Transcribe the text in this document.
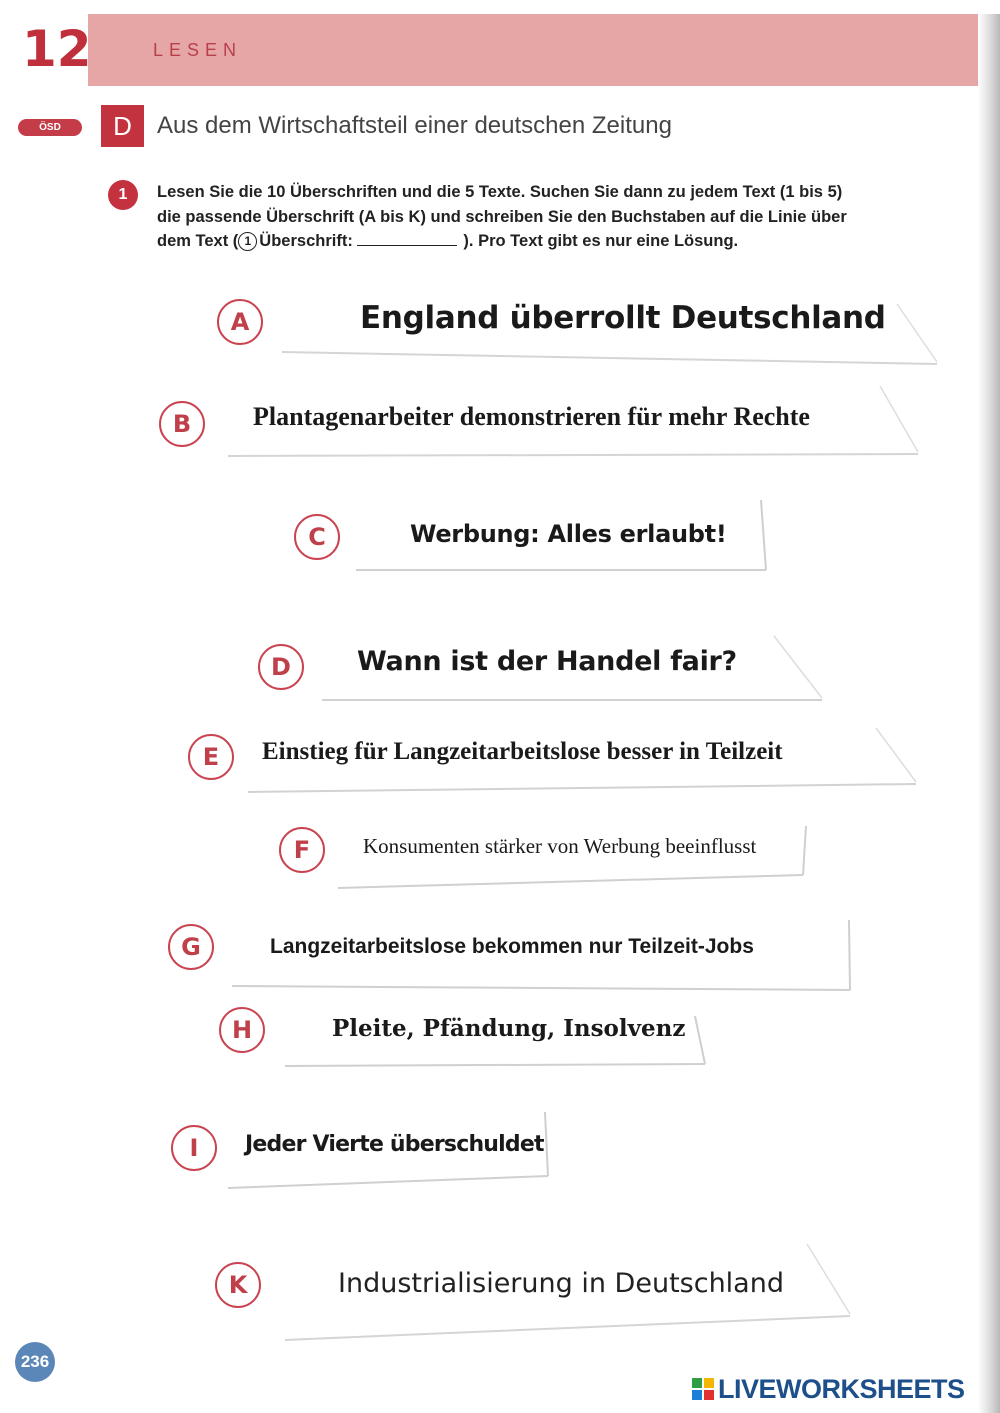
12	LESEN
ÖSD	D	Aus dem Wirtschaftsteil einer deutschen Zeitung
1	Lesen Sie die 10 Überschriften und die 5 Texte. Suchen Sie dann zu jedem Text (1 bis 5)
die passende Überschrift (A bis K) und schreiben Sie den Buchstaben auf die Linie über
dem Text ( 1 Überschrift:	). Pro Text gibt es nur eine Lösung.
A	England überrollt Deutschland
B	Plantagenarbeiter demonstrieren für mehr Rechte
C	Werbung: Alles erlaubt!
D	Wann ist der Handel fair?
E	Einstieg für Langzeitarbeitslose besser in Teilzeit
F	Konsumenten stärker von Werbung beeinflusst
G	Langzeitarbeitslose bekommen nur Teilzeit-Jobs
H	Pleite, Pfändung, Insolvenz
I	Jeder Vierte überschuldet
K	Industrialisierung in Deutschland
236
LIVEWORKSHEETS
